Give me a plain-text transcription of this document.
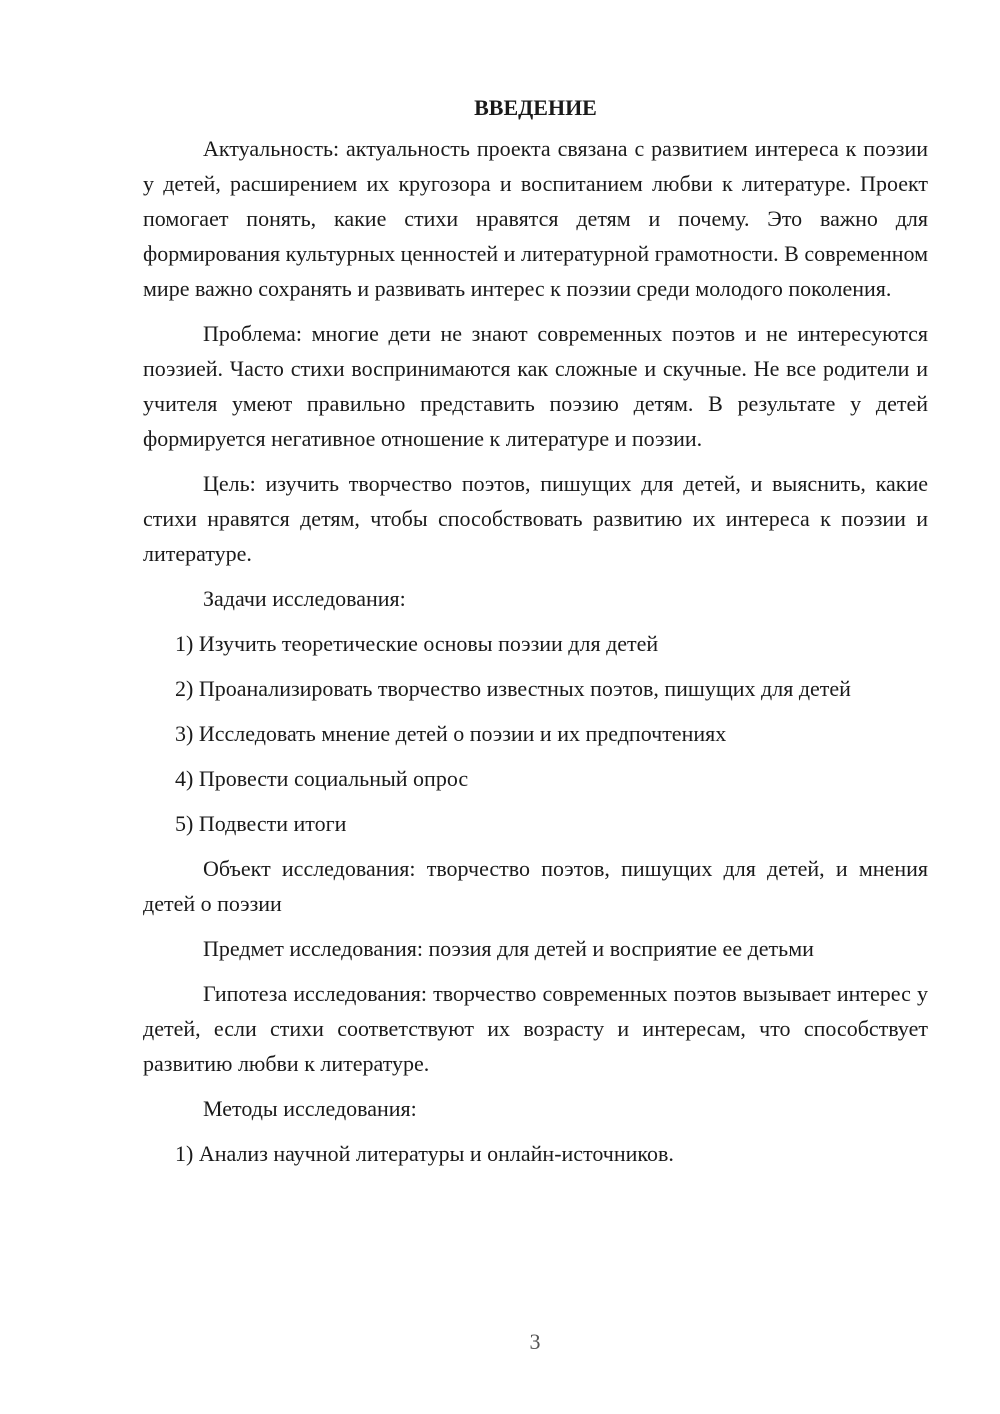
ВВЕДЕНИЕ

Актуальность: актуальность проекта связана с развитием интереса к поэзии у детей, расширением их кругозора и воспитанием любви к литературе. Проект помогает понять, какие стихи нравятся детям и почему. Это важно для формирования культурных ценностей и литературной грамотности. В современном мире важно сохранять и развивать интерес к поэзии среди молодого поколения.

Проблема: многие дети не знают современных поэтов и не интересуются поэзией. Часто стихи воспринимаются как сложные и скучные. Не все родители и учителя умеют правильно представить поэзию детям. В результате у детей формируется негативное отношение к литературе и поэзии.

Цель: изучить творчество поэтов, пишущих для детей, и выяснить, какие стихи нравятся детям, чтобы способствовать развитию их интереса к поэзии и литературе.

Задачи исследования:

1) Изучить теоретические основы поэзии для детей

2) Проанализировать творчество известных поэтов, пишущих для детей

3) Исследовать мнение детей о поэзии и их предпочтениях

4) Провести социальный опрос

5) Подвести итоги

Объект исследования: творчество поэтов, пишущих для детей, и мнения детей о поэзии

Предмет исследования: поэзия для детей и восприятие ее детьми

Гипотеза исследования: творчество современных поэтов вызывает интерес у детей, если стихи соответствуют их возрасту и интересам, что способствует развитию любви к литературе.

Методы исследования:

1) Анализ научной литературы и онлайн-источников.

3
